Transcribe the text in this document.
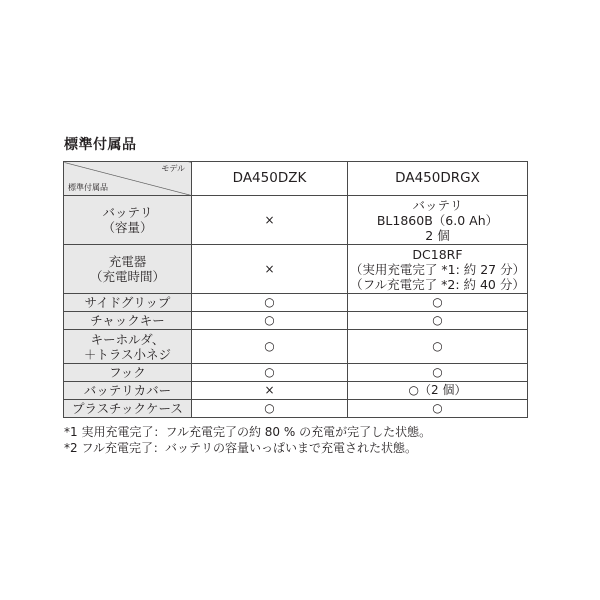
標準付属品
モデル
標準付属品	DA450DZK	DA450DRGX

バッテリ
（容量）	×	バッテリ
BL1860B（6.0 Ah）
2 個

充電器
（充電時間）	×	DC18RF
（実用充電完了 *1: 約 27 分）
（フル充電完了 *2: 約 40 分）

サイドグリップ	○	○
チャックキー	○	○

キーホルダ、
＋トラス小ネジ	○	○
フック	○	○
バッテリカバー	×	○（2 個）
プラスチックケース	○	○
*1 実用充電完了：フル充電完了の約 80 % の充電が完了した状態。
*2 フル充電完了：バッテリの容量いっぱいまで充電された状態。
